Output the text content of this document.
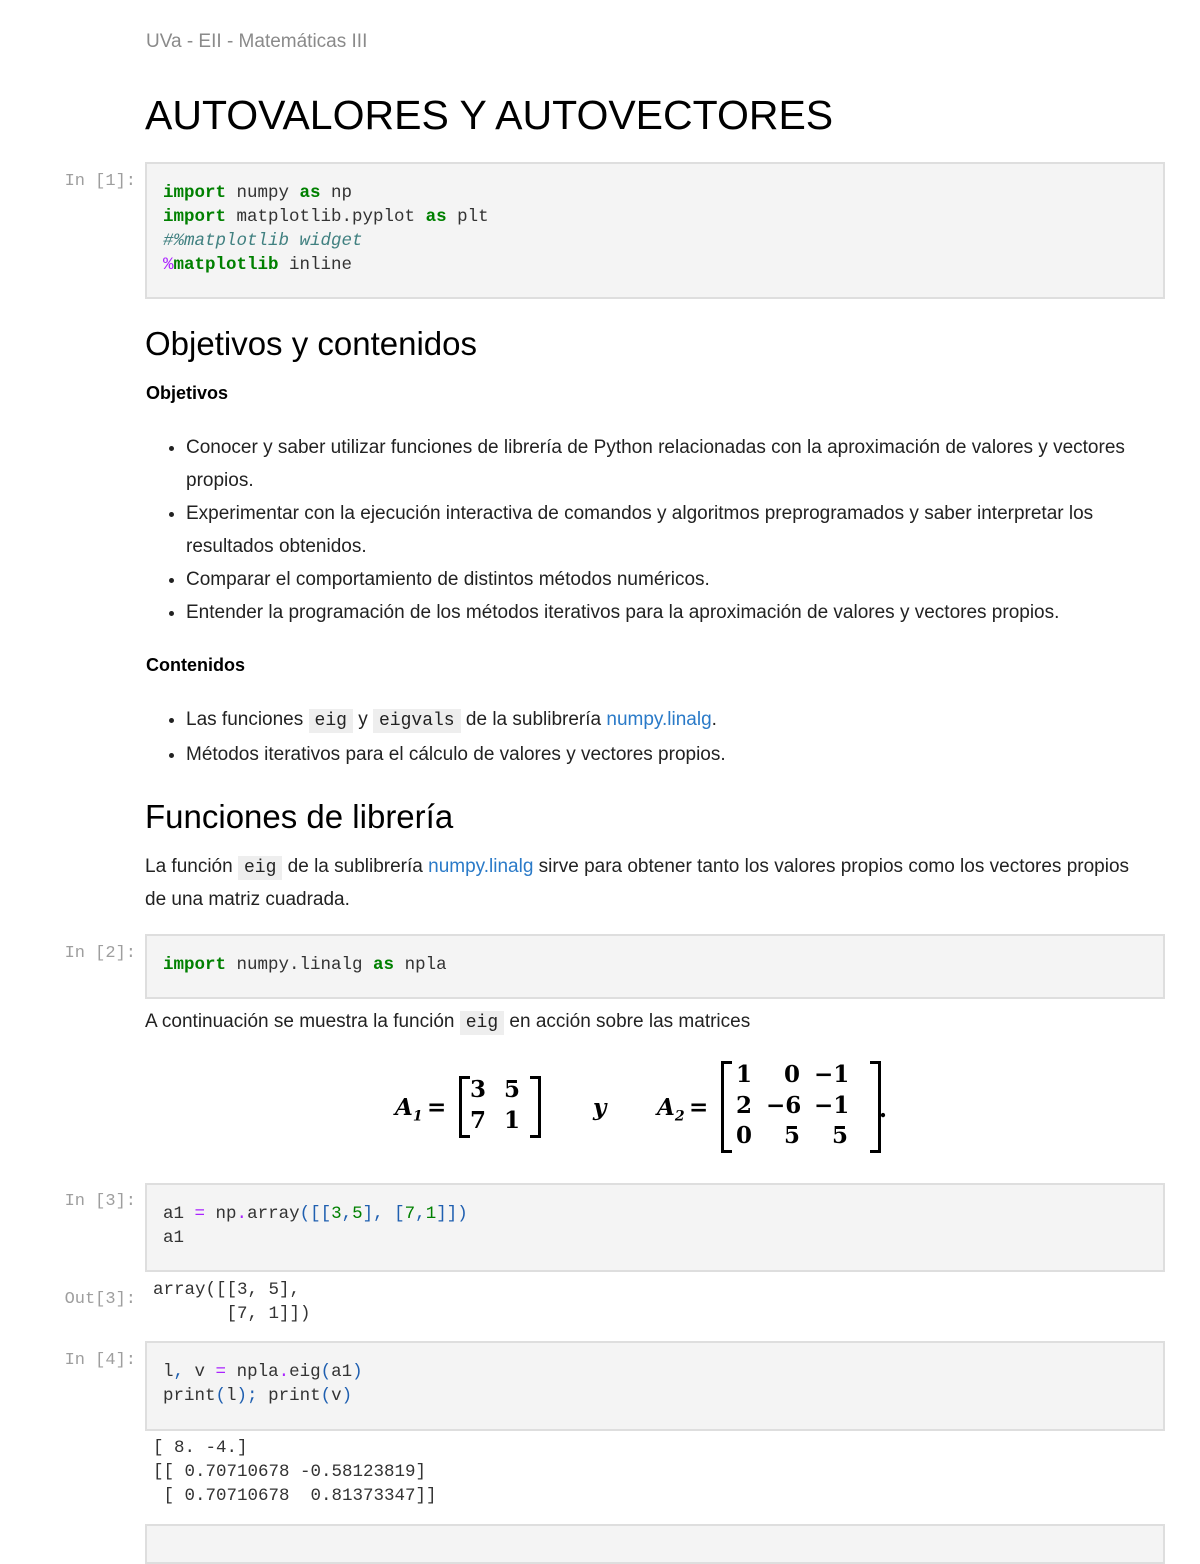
UVa - EII - Matemáticas III
AUTOVALORES Y AUTOVECTORES
In [1]:
import numpy as np
import matplotlib.pyplot as plt
#%matplotlib widget
%matplotlib inline
Objetivos y contenidos
Objetivos
• Conocer y saber utilizar funciones de librería de Python relacionadas con la aproximación de valores y vectores propios.
• Experimentar con la ejecución interactiva de comandos y algoritmos preprogramados y saber interpretar los resultados obtenidos.
• Comparar el comportamiento de distintos métodos numéricos.
• Entender la programación de los métodos iterativos para la aproximación de valores y vectores propios.
Contenidos
• Las funciones eig y eigvals de la sublibrería numpy.linalg.
• Métodos iterativos para el cálculo de valores y vectores propios.
Funciones de librería
La función eig de la sublibrería numpy.linalg sirve para obtener tanto los valores propios como los vectores propios de una matriz cuadrada.
In [2]:
import numpy.linalg as npla
A continuación se muestra la función eig en acción sobre las matrices
$A_1$ =
3 5
7 1	y $A_2$ =
1	0 −1
2 −6 −1
0	5	5
.
In [3]:
a1 = np.array([[3,5], [7,1]])
a1
Out[3]: array([[3, 5],
[7, 1]])
In [4]:
l, v = npla.eig(a1)
print(l); print(v)
[ 8. -4.]
[[ 0.70710678 -0.58123819]
[ 0.70710678  0.81373347]]
